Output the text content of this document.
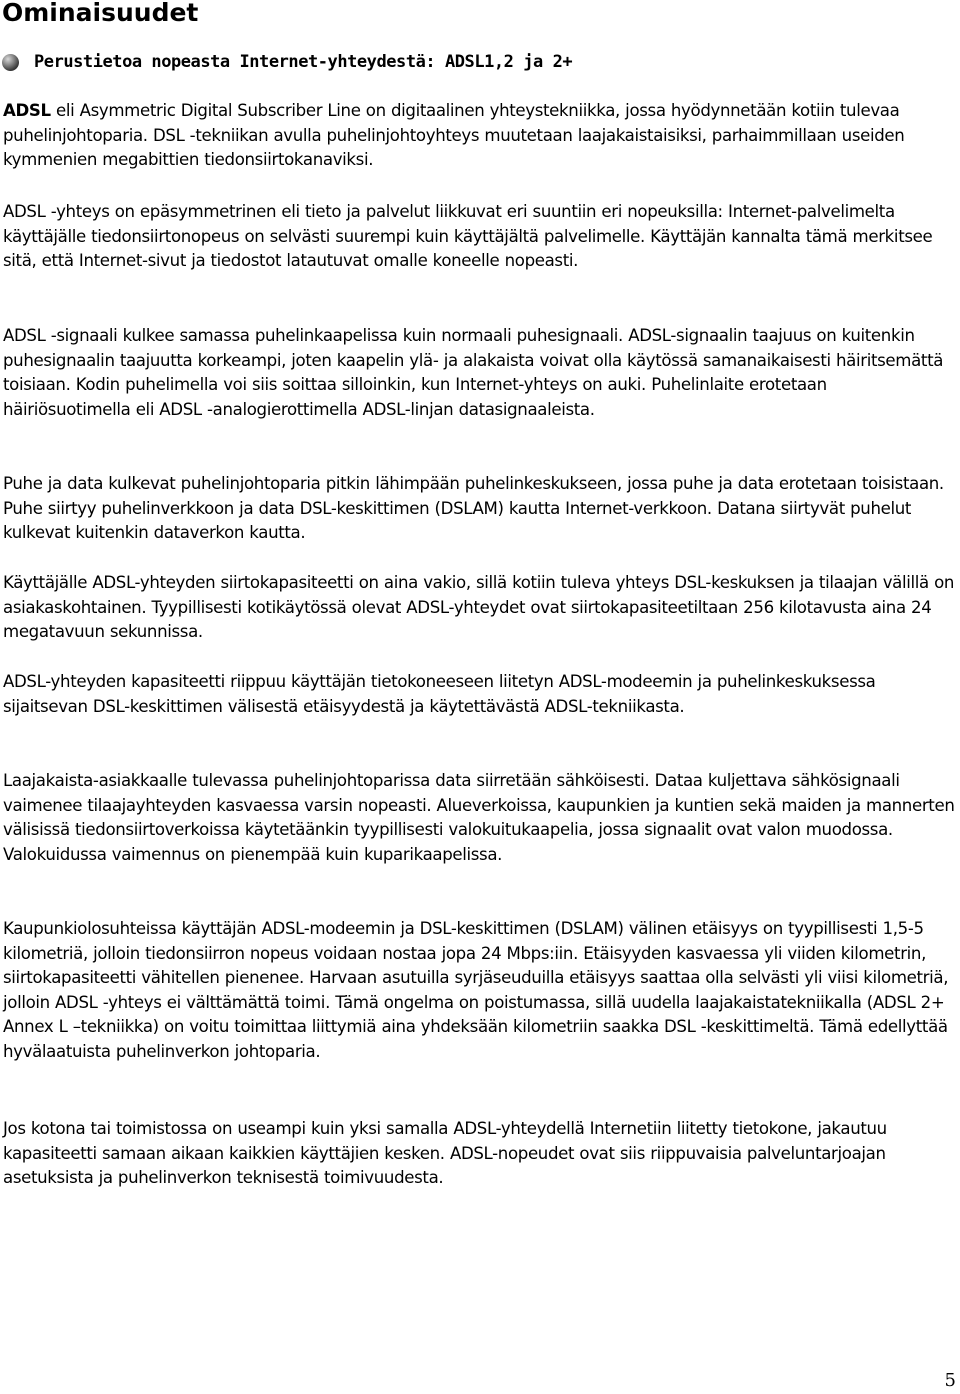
Ominaisuudet
Perustietoa nopeasta Internet-yhteydestä: ADSL1,2 ja 2+

ADSL eli Asymmetric Digital Subscriber Line on digitaalinen yhteystekniikka, jossa hyödynnetään kotiin tulevaa puhelinjohtoparia. DSL -tekniikan avulla puhelinjohtoyhteys muutetaan laajakaistaisiksi, parhaimmillaan useiden kymmenien megabittien tiedonsiirtokanaviksi.

ADSL -yhteys on epäsymmetrinen eli tieto ja palvelut liikkuvat eri suuntiin eri nopeuksilla: Internet-palvelimelta käyttäjälle tiedonsiirtonopeus on selvästi suurempi kuin käyttäjältä palvelimelle. Käyttäjän kannalta tämä merkitsee sitä, että Internet-sivut ja tiedostot latautuvat omalle koneelle nopeasti.

ADSL -signaali kulkee samassa puhelinkaapelissa kuin normaali puhesignaali. ADSL-signaalin taajuus on kuitenkin puhesignaalin taajuutta korkeampi, joten kaapelin ylä- ja alakaista voivat olla käytössä samanaikaisesti häiritsemättä toisiaan. Kodin puhelimella voi siis soittaa silloinkin, kun Internet-yhteys on auki. Puhelinlaite erotetaan häiriösuotimella eli ADSL -analogierottimella ADSL-linjan datasignaaleista.

Puhe ja data kulkevat puhelinjohtoparia pitkin lähimpään puhelinkeskukseen, jossa puhe ja data erotetaan toisistaan. Puhe siirtyy puhelinverkkoon ja data DSL-keskittimen (DSLAM) kautta Internet-verkkoon. Datana siirtyvät puhelut kulkevat kuitenkin dataverkon kautta.

Käyttäjälle ADSL-yhteyden siirtokapasiteetti on aina vakio, sillä kotiin tuleva yhteys DSL-keskuksen ja tilaajan välillä on asiakaskohtainen. Tyypillisesti kotikäytössä olevat ADSL-yhteydet ovat siirtokapasiteetiltaan 256 kilotavusta aina 24 megatavuun sekunnissa.

ADSL-yhteyden kapasiteetti riippuu käyttäjän tietokoneeseen liitetyn ADSL-modeemin ja puhelinkeskuksessa sijaitsevan DSL-keskittimen välisestä etäisyydestä ja käytettävästä ADSL-tekniikasta.

Laajakaista-asiakkaalle tulevassa puhelinjohtoparissa data siirretään sähköisesti. Dataa kuljettava sähkösignaali vaimenee tilaajayhteyden kasvaessa varsin nopeasti. Alueverkoissa, kaupunkien ja kuntien sekä maiden ja mannerten välisissä tiedonsiirtoverkoissa käytetäänkin tyypillisesti valokuitukaapelia, jossa signaalit ovat valon muodossa. Valokuidussa vaimennus on pienempää kuin kuparikaapelissa.

Kaupunkiolosuhteissa käyttäjän ADSL-modeemin ja DSL-keskittimen (DSLAM) välinen etäisyys on tyypillisesti 1,5-5 kilometriä, jolloin tiedonsiirron nopeus voidaan nostaa jopa 24 Mbps:iin. Etäisyyden kasvaessa yli viiden kilometrin, siirtokapasiteetti vähitellen pienenee. Harvaan asutuilla syrjäseuduilla etäisyys saattaa olla selvästi yli viisi kilometriä, jolloin ADSL -yhteys ei välttämättä toimi. Tämä ongelma on poistumassa, sillä uudella laajakaistatekniikalla (ADSL 2+ Annex L –tekniikka) on voitu toimittaa liittymiä aina yhdeksään kilometriin saakka DSL -keskittimeltä. Tämä edellyttää hyvälaatuista puhelinverkon johtoparia.

Jos kotona tai toimistossa on useampi kuin yksi samalla ADSL-yhteydellä Internetiin liitetty tietokone, jakautuu kapasiteetti samaan aikaan kaikkien käyttäjien kesken. ADSL-nopeudet ovat siis riippuvaisia palveluntarjoajan asetuksista ja puhelinverkon teknisestä toimivuudesta.

5
